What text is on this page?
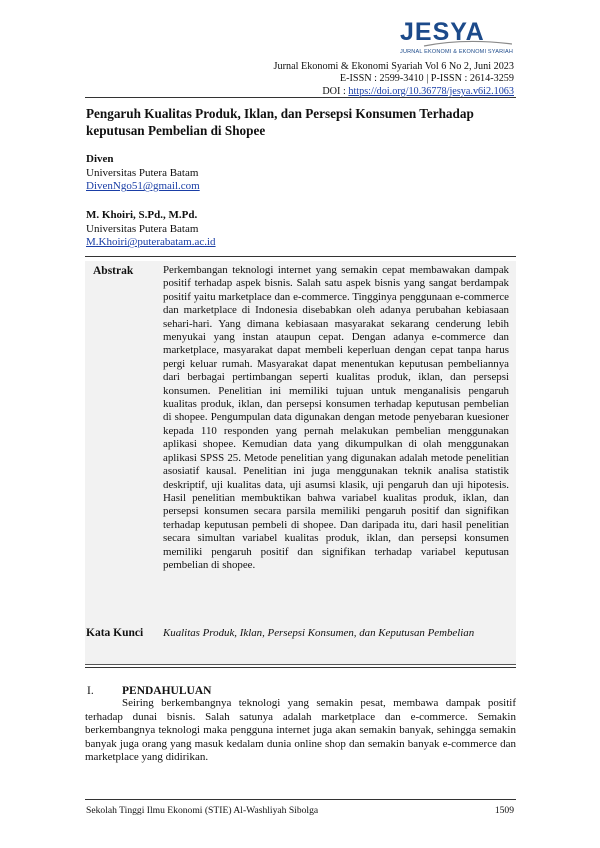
JESYA
JURNAL EKONOMI & EKONOMI SYARIAH
Jurnal Ekonomi & Ekonomi Syariah Vol 6 No 2, Juni 2023
E-ISSN : 2599-3410 | P-ISSN : 2614-3259
DOI : https://doi.org/10.36778/jesya.v6i2.1063
Pengaruh Kualitas Produk, Iklan, dan Persepsi Konsumen Terhadap
keputusan Pembelian di Shopee
Diven
Universitas Putera Batam
DivenNgo51@gmail.com
M. Khoiri, S.Pd., M.Pd.
Universitas Putera Batam
M.Khoiri@puterabatam.ac.id
Abstrak	Perkembangan teknologi internet yang semakin cepat membawakan dampak positif terhadap aspek bisnis. Salah satu aspek bisnis yang sangat berdampak positif yaitu marketplace dan e-commerce. Tingginya penggunaan e-commerce dan marketplace di Indonesia disebabkan oleh adanya perubahan kebiasaan sehari-hari. Yang dimana kebiasaan masyarakat sekarang cenderung lebih menyukai yang instan ataupun cepat. Dengan adanya e-commerce dan marketplace, masyarakat dapat membeli keperluan dengan cepat tanpa harus pergi keluar rumah. Masyarakat dapat menentukan keputusan pembeliannya dari berbagai pertimbangan seperti kualitas produk, iklan, dan persepsi konsumen. Penelitian ini memiliki tujuan untuk menganalisis pengaruh kualitas produk, iklan, dan persepsi konsumen terhadap keputusan pembelian di shopee. Pengumpulan data digunakan dengan metode penyebaran kuesioner kepada 110 responden yang pernah melakukan pembelian menggunakan aplikasi shopee. Kemudian data yang dikumpulkan di olah menggunakan aplikasi SPSS 25. Metode penelitian yang digunakan adalah metode penelitian asosiatif kausal. Penelitian ini juga menggunakan teknik analisa statistik deskriptif, uji kualitas data, uji asumsi klasik, uji pengaruh dan uji hipotesis. Hasil penelitian membuktikan bahwa variabel kualitas produk, iklan, dan persepsi konsumen secara parsila memiliki pengaruh positif dan signifikan terhadap keputusan pembeli di shopee. Dan daripada itu, dari hasil penelitian secara simultan variabel kualitas produk, iklan, dan persepsi konsumen memiliki pengaruh positif dan signifikan terhadap variabel keputusan pembelian di shopee.
Kata Kunci Kualitas Produk, Iklan, Persepsi Konsumen, dan Keputusan Pembelian
I. PENDAHULUAN
Seiring berkembangnya teknologi yang semakin pesat, membawa dampak positif terhadap dunai bisnis. Salah satunya adalah marketplace dan e-commerce. Semakin berkembangnya teknologi maka pengguna internet juga akan semakin banyak, sehingga semakin banyak juga orang yang masuk kedalam dunia online shop dan semakin banyak e-commerce dan marketplace yang didirikan.
Sekolah Tinggi Ilmu Ekonomi (STIE) Al-Washliyah Sibolga	1509
